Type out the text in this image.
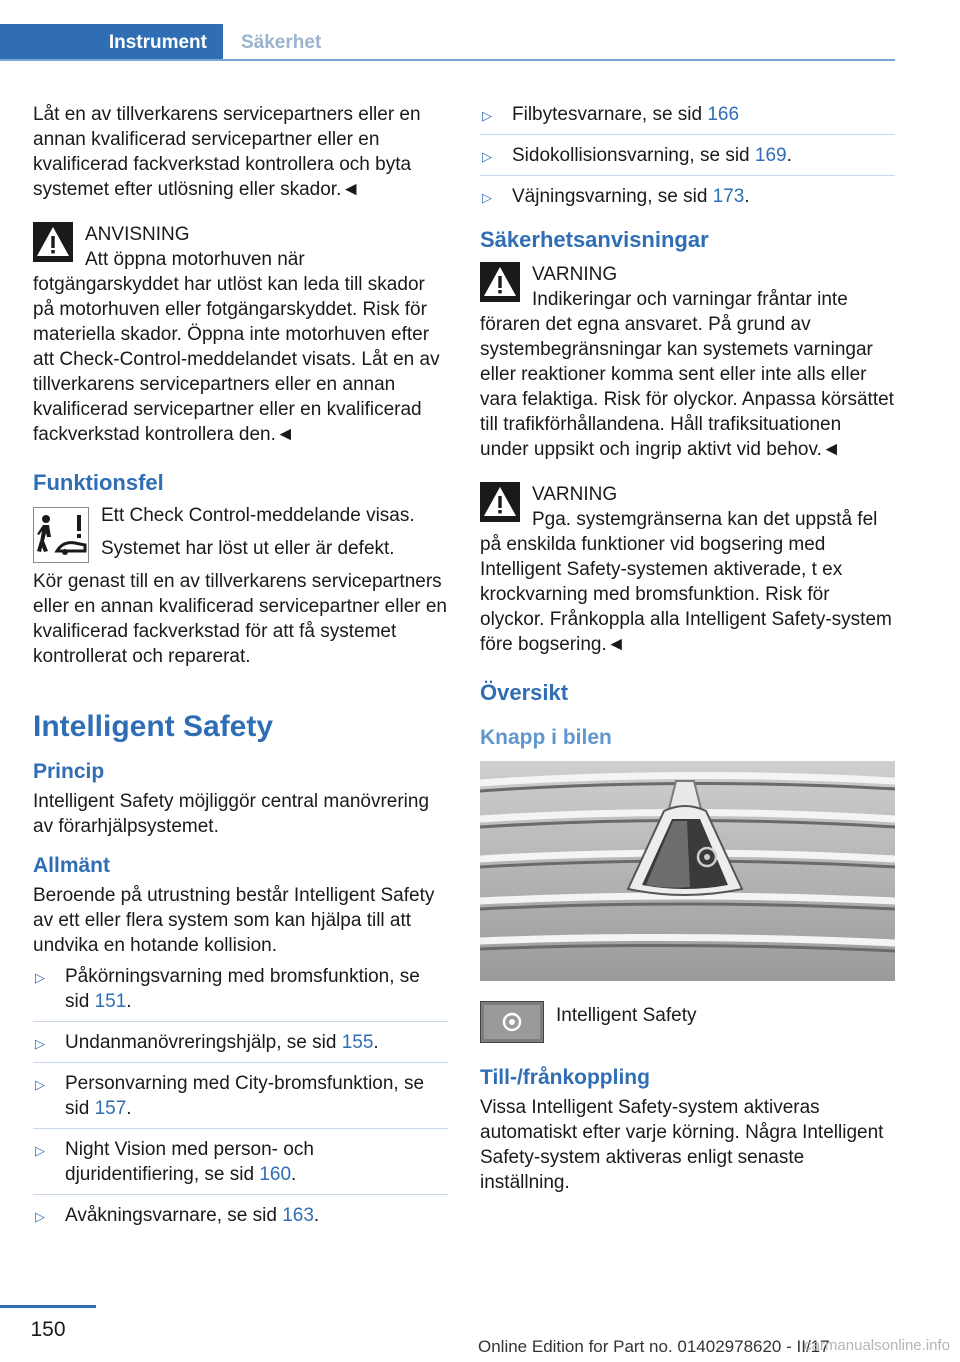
Instrument	Säkerhet

Låt en av tillverkarens servicepartners eller en annan kvalificerad servicepartner eller en kvalificerad fackverkstad kontrollera och byta systemet efter utlösning eller skador.◄

ANVISNING
Att öppna motorhuven när fotgängarskyddet har utlöst kan leda till skador på motorhuven eller fotgängarskyddet. Risk för materiella skador. Öppna inte motorhuven efter att Check-Control-meddelandet visats. Låt en av tillverkarens servicepartners eller en annan kvalificerad servicepartner eller en kvalificerad fackverkstad kontrollera den.◄
Funktionsfel
Ett Check Control-meddelande visas.
Systemet har löst ut eller är defekt.
Kör genast till en av tillverkarens servicepartners eller en annan kvalificerad servicepartner eller en kvalificerad fackverkstad för att få systemet kontrollerat och reparerat.
Intelligent Safety
Princip

Intelligent Safety möjliggör central manövrering av förarhjälpsystemet.

Allmänt

Beroende på utrustning består Intelligent Safety av ett eller flera system som kan hjälpa till att undvika en hotande kollision.

▷ Påkörningsvarning med bromsfunktion, se sid 151.
▷ Undanmanövreringshjälp, se sid 155.
▷ Personvarning med City-bromsfunktion, se sid 157.
▷ Night Vision med person- och djuridentifiering, se sid 160.
▷ Avåkningsvarnare, se sid 163.
▷ Filbytesvarnare, se sid 166
▷ Sidokollisionsvarning, se sid 169.
▷ Väjningsvarning, se sid 173.
Säkerhetsanvisningar
VARNING
Indikeringar och varningar fråntar inte föraren det egna ansvaret. På grund av systembegränsningar kan systemets varningar eller reaktioner komma sent eller inte alls eller vara felaktiga. Risk för olyckor. Anpassa körsättet till trafikförhållandena. Håll trafiksituationen under uppsikt och ingrip aktivt vid behov.◄
VARNING
Pga. systemgränserna kan det uppstå fel på enskilda funktioner vid bogsering med Intelligent Safety-systemen aktiverade, t ex krockvarning med bromsfunktion. Risk för olyckor. Frånkoppla alla Intelligent Safety-system före bogsering.◄
Översikt
Knapp i bilen
Intelligent Safety
Till-/frånkoppling

Vissa Intelligent Safety-system aktiveras automatiskt efter varje körning. Några Intelligent Safety-system aktiveras enligt senaste inställning.

150
Online Edition for Part no. 01402978620 - II/17
carmanualsonline.info
